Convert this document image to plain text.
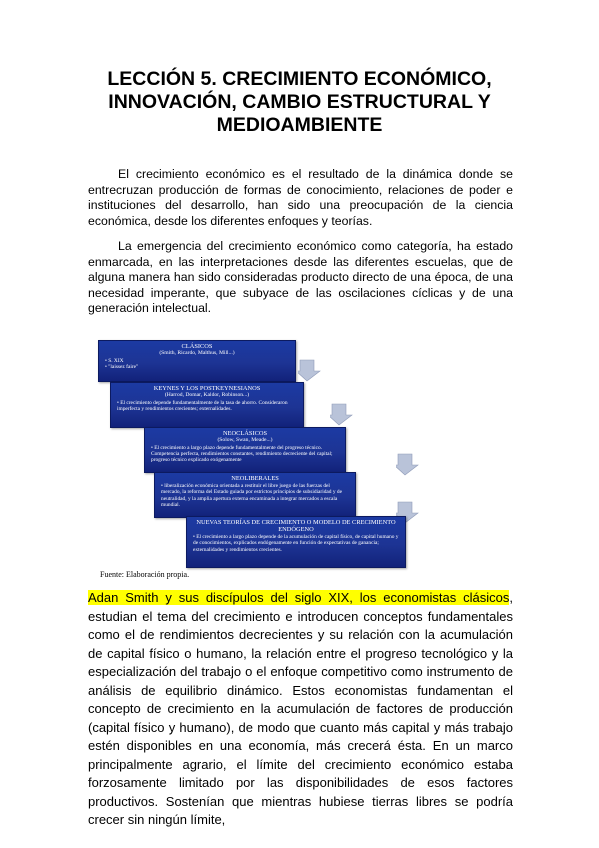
LECCIÓN 5. CRECIMIENTO ECONÓMICO,
INNOVACIÓN, CAMBIO ESTRUCTURAL Y
MEDIOAMBIENTE
El crecimiento económico es el resultado de la dinámica donde se entrecruzan producción de formas de conocimiento, relaciones de poder e instituciones del desarrollo, han sido una preocupación de la ciencia económica, desde los diferentes enfoques y teorías.
La emergencia del crecimiento económico como categoría, ha estado enmarcada, en las interpretaciones desde las diferentes escuelas, que de alguna manera han sido consideradas producto directo de una época, de una necesidad imperante, que subyace de las oscilaciones cíclicas y de una generación intelectual.
CLÁSICOS
(Smith, Ricardo, Malthus, Mill...)
• S. XIX
• "laissez faire"
KEYNES Y LOS POSTKEYNESIANOS
(Harrod, Domar, Kaldor, Robinson...)
• El crecimiento depende fundamentalmente de la tasa de ahorro. Consideraron imperfecta y rendimientos crecientes; externalidades.
NEOCLÁSICOS
(Solow, Swan, Meade...)
• El crecimiento a largo plazo depende fundamentalmente del progreso técnico. Competencia perfecta, rendimientos constantes, rendimiento decreciente del capital; progreso técnico explicado exógenamente
NEOLIBERALES
• liberalización económica orientada a restituir el libre juego de las fuerzas del mercado, la reforma del Estado guiada por estrictos principios de subsidiaridad y de neutralidad, y la amplia apertura externa encaminada a integrar mercados a escala mundial.
NUEVAS TEORÍAS DE CRECIMIENTO O MODELO DE CRECIMIENTO ENDÓGENO
• El crecimiento a largo plazo depende de la acumulación de capital físico, de capital humano y de conocimientos, explicados endógenamente en función de expectativas de ganancia; externalidades y rendimientos crecientes.
Fuente: Elaboración propia.
Adan Smith y sus discípulos del siglo XIX, los economistas clásicos, estudian el tema del crecimiento e introducen conceptos fundamentales como el de rendimientos decrecientes y su relación con la acumulación de capital físico o humano, la relación entre el progreso tecnológico y la especialización del trabajo o el enfoque competitivo como instrumento de análisis de equilibrio dinámico. Estos economistas fundamentan el concepto de crecimiento en la acumulación de factores de producción (capital físico y humano), de modo que cuanto más capital y más trabajo estén disponibles en una economía, más crecerá ésta. En un marco principalmente agrario, el límite del crecimiento económico estaba forzosamente limitado por las disponibilidades de esos factores productivos. Sostenían que mientras hubiese tierras libres se podría crecer sin ningún límite,
